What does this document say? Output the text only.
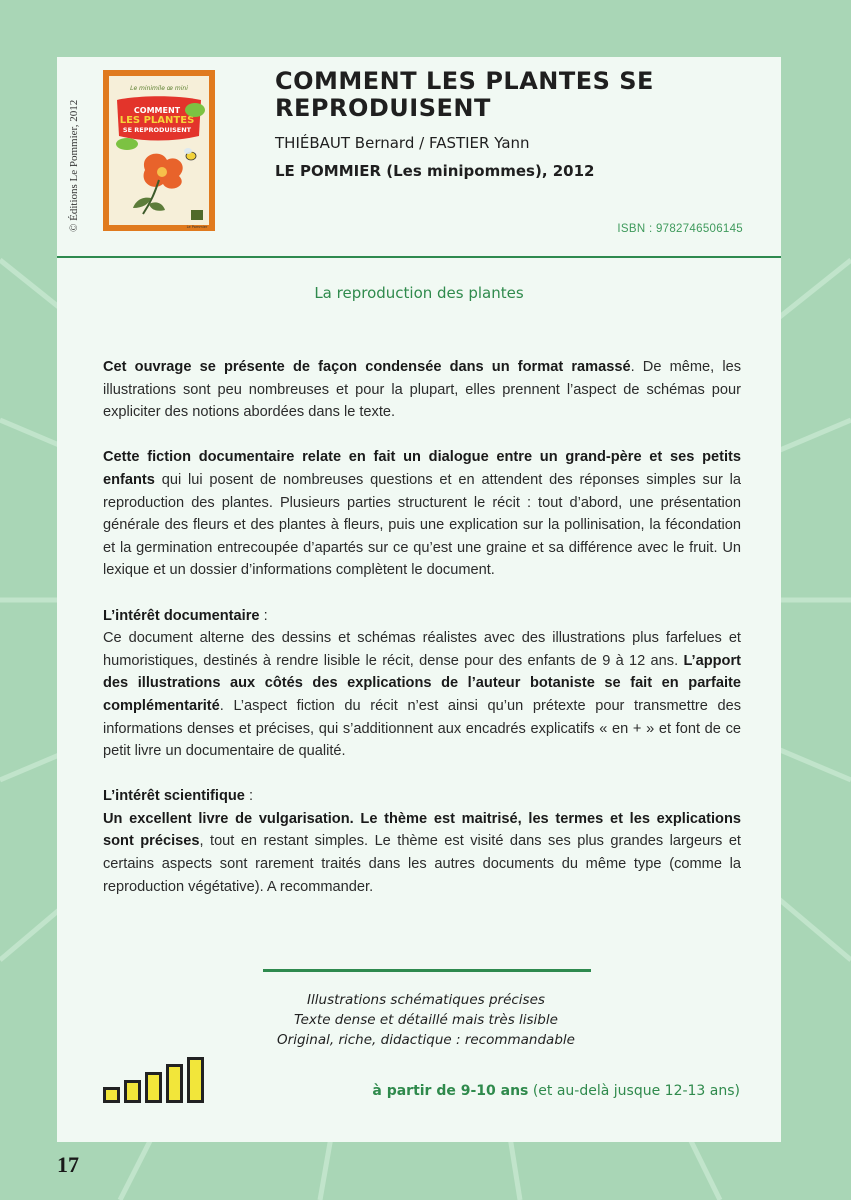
© Éditions Le Pommier, 2012
Le minimile œ mini
COMMENT
LES PLANTES
SE REPRODUISENT
Le Pommier
COMMENT LES PLANTES SE REPRODUISENT
THIÉBAUT Bernard / FASTIER Yann
LE POMMIER (Les minipommes), 2012
ISBN : 9782746506145
La reproduction des plantes

Cet ouvrage se présente de façon condensée dans un format ramassé. De même, les illustrations sont peu nombreuses et pour la plupart, elles prennent l’aspect de schémas pour expliciter des notions abordées dans le texte.

Cette fiction documentaire relate en fait un dialogue entre un grand-père et ses petits enfants qui lui posent de nombreuses questions et en attendent des réponses simples sur la reproduction des plantes. Plusieurs parties structurent le récit : tout d’abord, une présentation générale des fleurs et des plantes à fleurs, puis une explication sur la pollinisation, la fécondation et la germination entrecoupée d’apartés sur ce qu’est une graine et sa différence avec le fruit. Un lexique et un dossier d’informations complètent le document.

L’intérêt documentaire :
Ce document alterne des dessins et schémas réalistes avec des illustrations plus farfelues et humoristiques, destinés à rendre lisible le récit, dense pour des enfants de 9 à 12 ans. L’apport des illustrations aux côtés des explications de l’auteur botaniste se fait en parfaite complémentarité. L’aspect fiction du récit n’est ainsi qu’un prétexte pour transmettre des informations denses et précises, qui s’additionnent aux encadrés explicatifs « en + » et font de ce petit livre un documentaire de qualité.

L’intérêt scientifique :
Un excellent livre de vulgarisation. Le thème est maitrisé, les termes et les explications sont précises, tout en restant simples. Le thème est visité dans ses plus grandes largeurs et certains aspects sont rarement traités dans les autres documents du même type (comme la reproduction végétative). A recommander.

Illustrations schématiques précises
Texte dense et détaillé mais très lisible
Original, riche, didactique : recommandable
à partir de 9-10 ans (et au-delà jusque 12-13 ans)
17
